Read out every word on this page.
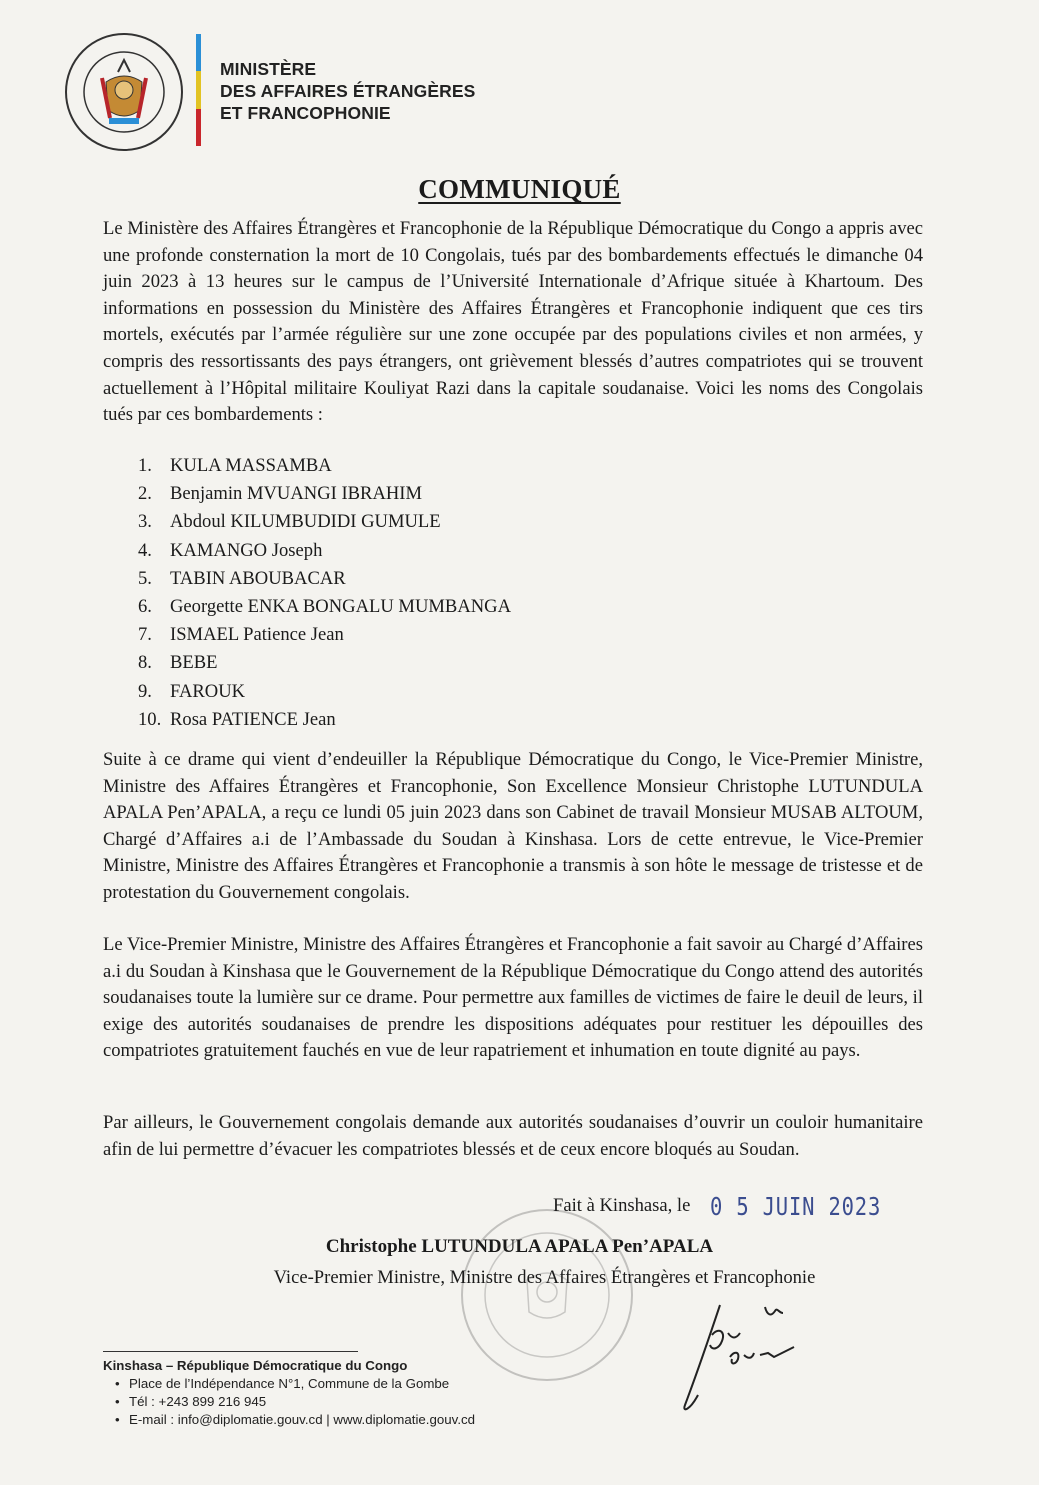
MINISTÈRE
DES AFFAIRES ÉTRANGÈRES
ET FRANCOPHONIE
COMMUNIQUÉ
Le Ministère des Affaires Étrangères et Francophonie de la République Démocratique du Congo a appris avec une profonde consternation la mort de 10 Congolais, tués par des bombardements effectués le dimanche 04 juin 2023 à 13 heures sur le campus de l’Université Internationale d’Afrique située à Khartoum. Des informations en possession du Ministère des Affaires Étrangères et Francophonie indiquent que ces tirs mortels, exécutés par l’armée régulière sur une zone occupée par des populations civiles et non armées, y compris des ressortissants des pays étrangers, ont grièvement blessés d’autres compatriotes qui se trouvent actuellement à l’Hôpital militaire Kouliyat Razi dans la capitale soudanaise. Voici les noms des Congolais tués par ces bombardements :
1. KULA MASSAMBA
2. Benjamin MVUANGI IBRAHIM
3. Abdoul KILUMBUDIDI GUMULE
4. KAMANGO Joseph
5. TABIN ABOUBACAR
6. Georgette ENKA BONGALU MUMBANGA
7. ISMAEL Patience Jean
8. BEBE
9. FAROUK
10. Rosa PATIENCE Jean
Suite à ce drame qui vient d’endeuiller la République Démocratique du Congo, le Vice-Premier Ministre, Ministre des Affaires Étrangères et Francophonie, Son Excellence Monsieur Christophe LUTUNDULA APALA Pen’APALA, a reçu ce lundi 05 juin 2023 dans son Cabinet de travail Monsieur MUSAB ALTOUM, Chargé d’Affaires a.i de l’Ambassade du Soudan à Kinshasa. Lors de cette entrevue, le Vice-Premier Ministre, Ministre des Affaires Étrangères et Francophonie a transmis à son hôte le message de tristesse et de protestation du Gouvernement congolais.
Le Vice-Premier Ministre, Ministre des Affaires Étrangères et Francophonie a fait savoir au Chargé d’Affaires a.i du Soudan à Kinshasa que le Gouvernement de la République Démocratique du Congo attend des autorités soudanaises toute la lumière sur ce drame. Pour permettre aux familles de victimes de faire le deuil de leurs, il exige des autorités soudanaises de prendre les dispositions adéquates pour restituer les dépouilles des compatriotes gratuitement fauchés en vue de leur rapatriement et inhumation en toute dignité au pays.
Par ailleurs, le Gouvernement congolais demande aux autorités soudanaises d’ouvrir un couloir humanitaire afin de lui permettre d’évacuer les compatriotes blessés et de ceux encore bloqués au Soudan.
Fait à Kinshasa, le 0 5 JUIN 2023
Christophe LUTUNDULA APALA Pen’APALA
Vice-Premier Ministre, Ministre des Affaires Étrangères et Francophonie
Kinshasa – République Démocratique du Congo
• Place de l’Indépendance N°1, Commune de la Gombe
• Tél : +243 899 216 945
• E-mail : info@diplomatie.gouv.cd | www.diplomatie.gouv.cd
